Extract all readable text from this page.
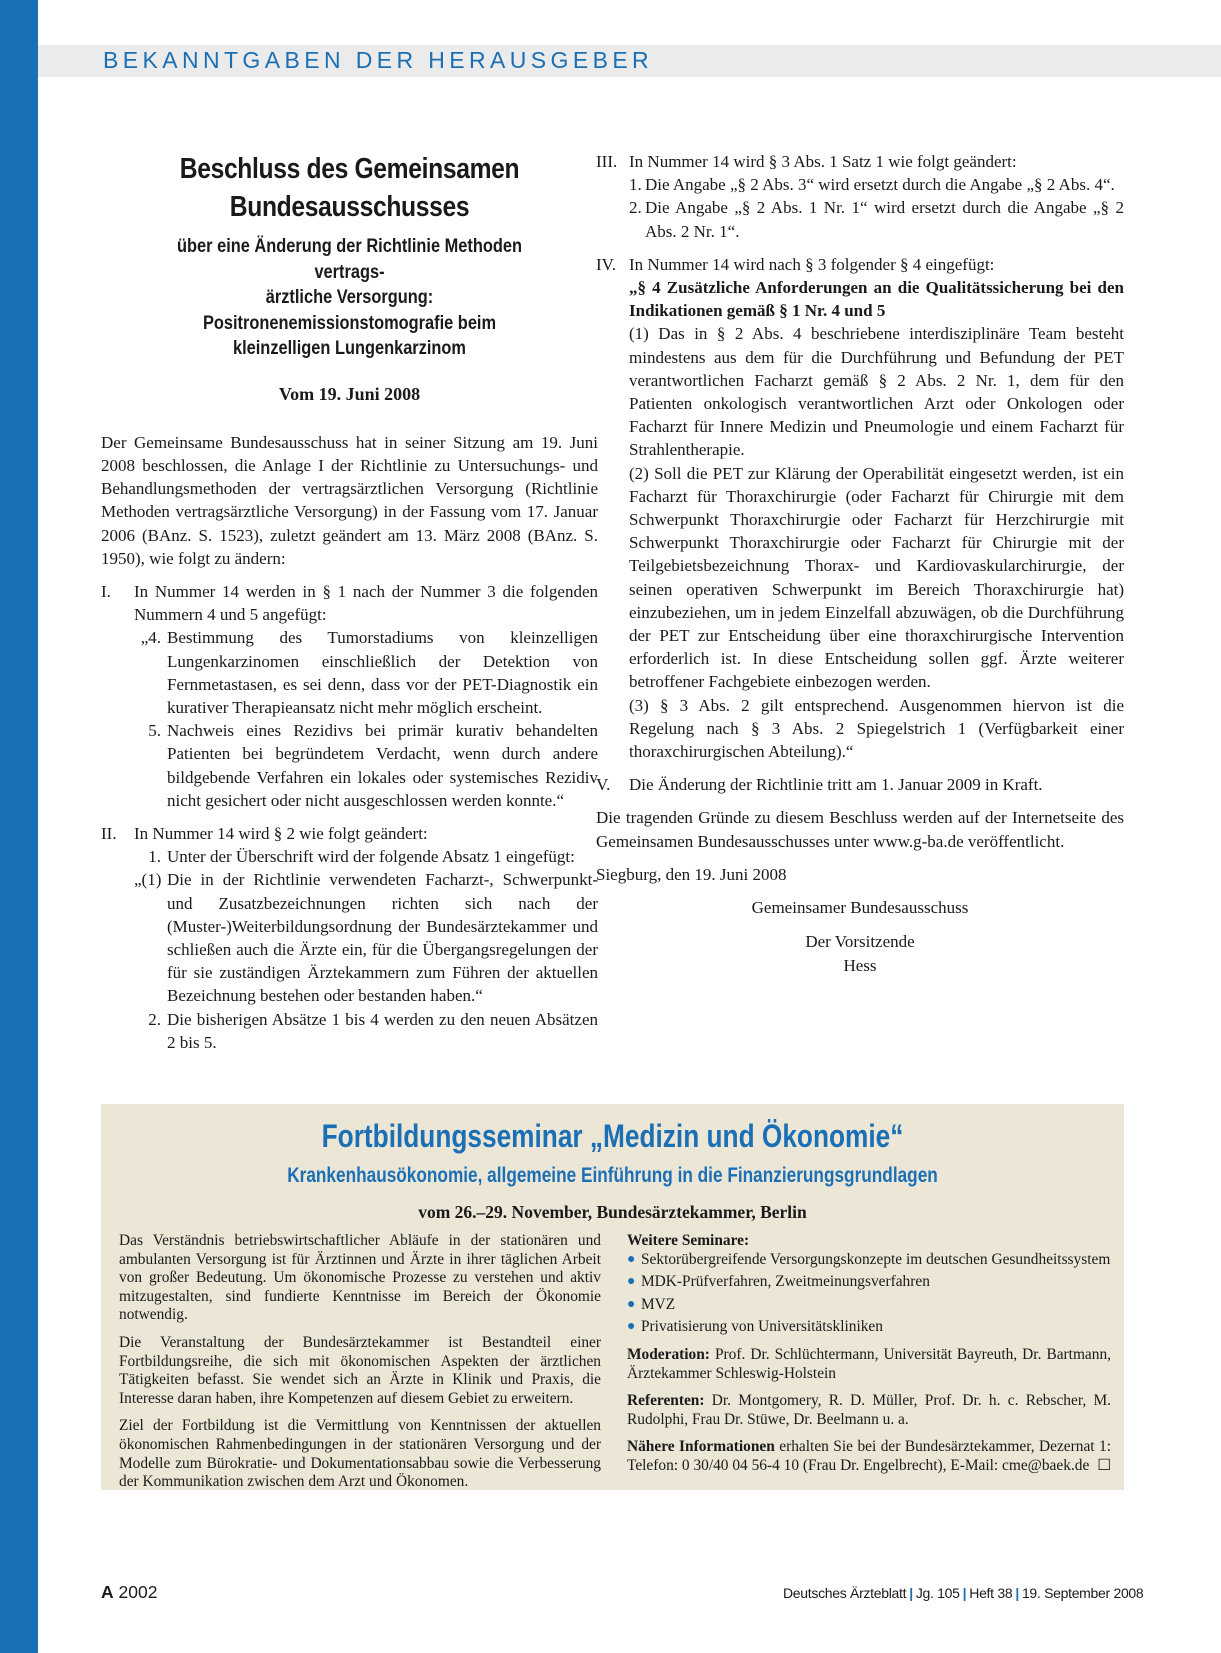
BEKANNTGABEN DER HERAUSGEBER
Beschluss des Gemeinsamen
Bundesausschusses
über eine Änderung der Richtlinie Methoden vertrags-
ärztliche Versorgung: Positronenemissionstomografie beim
kleinzelligen Lungenkarzinom
Vom 19. Juni 2008
Der Gemeinsame Bundesausschuss hat in seiner Sitzung am 19. Juni 2008 beschlossen, die Anlage I der Richtlinie zu Untersuchungs- und Behandlungsmethoden der vertragsärztlichen Versorgung (Richtlinie Methoden vertragsärztliche Versorgung) in der Fassung vom 17. Januar 2006 (BAnz. S. 1523), zuletzt geändert am 13. März 2008 (BAnz. S. 1950), wie folgt zu ändern:
I.	In Nummer 14 werden in § 1 nach der Nummer 3 die folgenden Nummern 4 und 5 angefügt:
„4. Bestimmung des Tumorstadiums von kleinzelligen Lungenkarzinomen einschließlich der Detektion von Fernmetastasen, es sei denn, dass vor der PET-Diagnostik ein kurativer Therapieansatz nicht mehr möglich erscheint.
5. Nachweis eines Rezidivs bei primär kurativ behandelten Patienten bei begründetem Verdacht, wenn durch andere bildgebende Verfahren ein lokales oder systemisches Rezidiv nicht gesichert oder nicht ausgeschlossen werden konnte.“
II.	In Nummer 14 wird § 2 wie folgt geändert:
1. Unter der Überschrift wird der folgende Absatz 1 eingefügt:
„(1) Die in der Richtlinie verwendeten Facharzt-, Schwerpunkt- und Zusatzbezeichnungen richten sich nach der (Muster-)Weiterbildungsordnung der Bundesärztekammer und schließen auch die Ärzte ein, für die Übergangsregelungen der für sie zuständigen Ärztekammern zum Führen der aktuellen Bezeichnung bestehen oder bestanden haben.“
2. Die bisherigen Absätze 1 bis 4 werden zu den neuen Absätzen 2 bis 5.
III. In Nummer 14 wird § 3 Abs. 1 Satz 1 wie folgt geändert:
1. Die Angabe „§ 2 Abs. 3“ wird ersetzt durch die Angabe „§ 2 Abs. 4“.
2. Die Angabe „§ 2 Abs. 1 Nr. 1“ wird ersetzt durch die Angabe „§ 2 Abs. 2 Nr. 1“.
IV. In Nummer 14 wird nach § 3 folgender § 4 eingefügt:
„§ 4 Zusätzliche Anforderungen an die Qualitätssicherung bei den Indikationen gemäß § 1 Nr. 4 und 5
(1) Das in § 2 Abs. 4 beschriebene interdisziplinäre Team besteht mindestens aus dem für die Durchführung und Befundung der PET verantwortlichen Facharzt gemäß § 2 Abs. 2 Nr. 1, dem für den Patienten onkologisch verantwortlichen Arzt oder Onkologen oder Facharzt für Innere Medizin und Pneumologie und einem Facharzt für Strahlentherapie.
(2) Soll die PET zur Klärung der Operabilität eingesetzt werden, ist ein Facharzt für Thoraxchirurgie (oder Facharzt für Chirurgie mit dem Schwerpunkt Thoraxchirurgie oder Facharzt für Herzchirurgie mit Schwerpunkt Thoraxchirurgie oder Facharzt für Chirurgie mit der Teilgebietsbezeichnung Thorax- und Kardiovaskularchirurgie, der seinen operativen Schwerpunkt im Bereich Thoraxchirurgie hat) einzubeziehen, um in jedem Einzelfall abzuwägen, ob die Durchführung der PET zur Entscheidung über eine thoraxchirurgische Intervention erforderlich ist. In diese Entscheidung sollen ggf. Ärzte weiterer betroffener Fachgebiete einbezogen werden.
(3) § 3 Abs. 2 gilt entsprechend. Ausgenommen hiervon ist die Regelung nach § 3 Abs. 2 Spiegelstrich 1 (Verfügbarkeit einer thoraxchirurgischen Abteilung).“
V.	Die Änderung der Richtlinie tritt am 1. Januar 2009 in Kraft.
Die tragenden Gründe zu diesem Beschluss werden auf der Internetseite des Gemeinsamen Bundesausschusses unter www.g-ba.de veröffentlicht.
Siegburg, den 19. Juni 2008
Gemeinsamer Bundesausschuss
Der Vorsitzende
Hess
Fortbildungsseminar „Medizin und Ökonomie“
Krankenhausökonomie, allgemeine Einführung in die Finanzierungsgrundlagen
vom 26.–29. November, Bundesärztekammer, Berlin

Das Verständnis betriebswirtschaftlicher Abläufe in der stationären und ambulanten Versorgung ist für Ärztinnen und Ärzte in ihrer täglichen Arbeit von großer Bedeutung. Um ökonomische Prozesse zu verstehen und aktiv mitzugestalten, sind fundierte Kenntnisse im Bereich der Ökonomie notwendig.

Die Veranstaltung der Bundesärztekammer ist Bestandteil einer Fortbildungsreihe, die sich mit ökonomischen Aspekten der ärztlichen Tätigkeiten befasst. Sie wendet sich an Ärzte in Klinik und Praxis, die Interesse daran haben, ihre Kompetenzen auf diesem Gebiet zu erweitern.

Ziel der Fortbildung ist die Vermittlung von Kenntnissen der aktuellen ökonomischen Rahmenbedingungen in der stationären Versorgung und der Modelle zum Bürokratie- und Dokumentationsabbau sowie die Verbesserung der Kommunikation zwischen dem Arzt und Ökonomen.

Weitere Seminare:
●
Sektorübergreifende Versorgungskonzepte im deutschen Gesundheitssystem
●
MDK-Prüfverfahren, Zweitmeinungsverfahren
●
MVZ
●
Privatisierung von Universitätskliniken

Moderation: Prof. Dr. Schlüchtermann, Universität Bayreuth, Dr. Bartmann, Ärztekammer Schleswig-Holstein

Referenten: Dr. Montgomery, R. D. Müller, Prof. Dr. h. c. Rebscher, M. Rudolphi, Frau Dr. Stüwe, Dr. Beelmann u. a.

Nähere Informationen erhalten Sie bei der Bundesärztekammer, Dezernat 1: Telefon: 0 30/40 04 56-4 10 (Frau Dr. Engelbrecht), E-Mail: cme@baek.de ☐

A 2002	Deutsches Ärzteblatt | Jg. 105 | Heft 38 | 19. September 2008
